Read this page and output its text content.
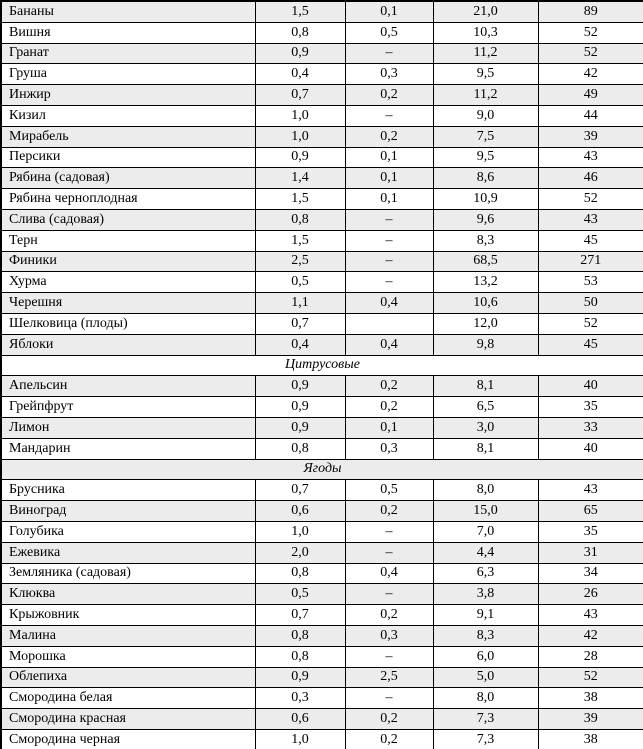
Бананы	1,5	0,1	21,0	89
Вишня	0,8	0,5	10,3	52
Гранат	0,9	–	11,2	52
Груша	0,4	0,3	9,5	42
Инжир	0,7	0,2	11,2	49
Кизил	1,0	–	9,0	44
Мирабель	1,0	0,2	7,5	39
Персики	0,9	0,1	9,5	43
Рябина (садовая)	1,4	0,1	8,6	46
Рябина черноплодная	1,5	0,1	10,9	52
Слива (садовая)	0,8	–	9,6	43
Терн	1,5	–	8,3	45
Финики	2,5	–	68,5	271
Хурма	0,5	–	13,2	53
Черешня	1,1	0,4	10,6	50
Шелковица (плоды)	0,7		12,0	52
Яблоки	0,4	0,4	9,8	45
Цитрусовые				
Апельсин	0,9	0,2	8,1	40
Грейпфрут	0,9	0,2	6,5	35
Лимон	0,9	0,1	3,0	33
Мандарин	0,8	0,3	8,1	40
Ягоды				
Брусника	0,7	0,5	8,0	43
Виноград	0,6	0,2	15,0	65
Голубика	1,0	–	7,0	35
Ежевика	2,0	–	4,4	31
Земляника (садовая)	0,8	0,4	6,3	34
Клюква	0,5	–	3,8	26
Крыжовник	0,7	0,2	9,1	43
Малина	0,8	0,3	8,3	42
Морошка	0,8	–	6,0	28
Облепиха	0,9	2,5	5,0	52
Смородина белая	0,3	–	8,0	38
Смородина красная	0,6	0,2	7,3	39
Смородина черная	1,0	0,2	7,3	38
